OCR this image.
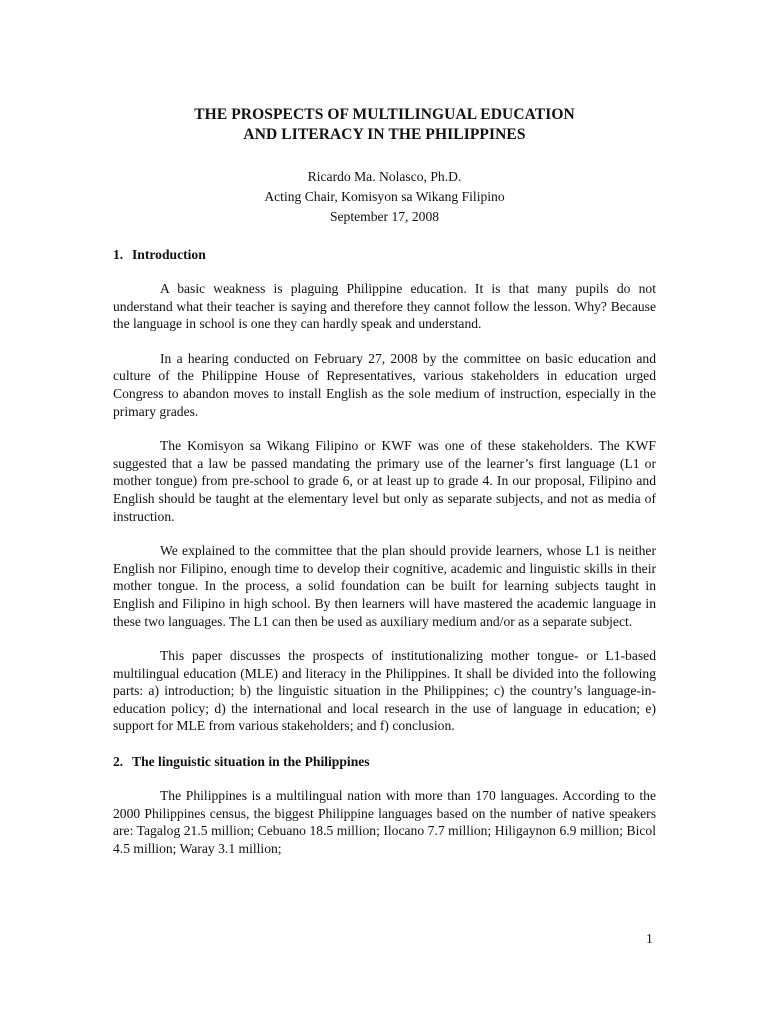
THE PROSPECTS OF MULTILINGUAL EDUCATION
AND LITERACY IN THE PHILIPPINES
Ricardo Ma. Nolasco, Ph.D.
Acting Chair, Komisyon sa Wikang Filipino
September 17, 2008
1. Introduction

A basic weakness is plaguing Philippine education. It is that many pupils do not understand what their teacher is saying and therefore they cannot follow the lesson. Why? Because the language in school is one they can hardly speak and understand.

In a hearing conducted on February 27, 2008 by the committee on basic education and culture of the Philippine House of Representatives, various stakeholders in education urged Congress to abandon moves to install English as the sole medium of instruction, especially in the primary grades.

The Komisyon sa Wikang Filipino or KWF was one of these stakeholders. The KWF suggested that a law be passed mandating the primary use of the learner’s first language (L1 or mother tongue) from pre-school to grade 6, or at least up to grade 4. In our proposal, Filipino and English should be taught at the elementary level but only as separate subjects, and not as media of instruction.

We explained to the committee that the plan should provide learners, whose L1 is neither English nor Filipino, enough time to develop their cognitive, academic and linguistic skills in their mother tongue. In the process, a solid foundation can be built for learning subjects taught in English and Filipino in high school. By then learners will have mastered the academic language in these two languages. The L1 can then be used as auxiliary medium and/or as a separate subject.

This paper discusses the prospects of institutionalizing mother tongue- or L1-based multilingual education (MLE) and literacy in the Philippines. It shall be divided into the following parts: a) introduction; b) the linguistic situation in the Philippines; c) the country’s language-in-education policy; d) the international and local research in the use of language in education; e) support for MLE from various stakeholders; and f) conclusion.

2. The linguistic situation in the Philippines

The Philippines is a multilingual nation with more than 170 languages. According to the 2000 Philippines census, the biggest Philippine languages based on the number of native speakers are: Tagalog 21.5 million; Cebuano 18.5 million; Ilocano 7.7 million; Hiligaynon 6.9 million; Bicol 4.5 million; Waray 3.1 million;

1
